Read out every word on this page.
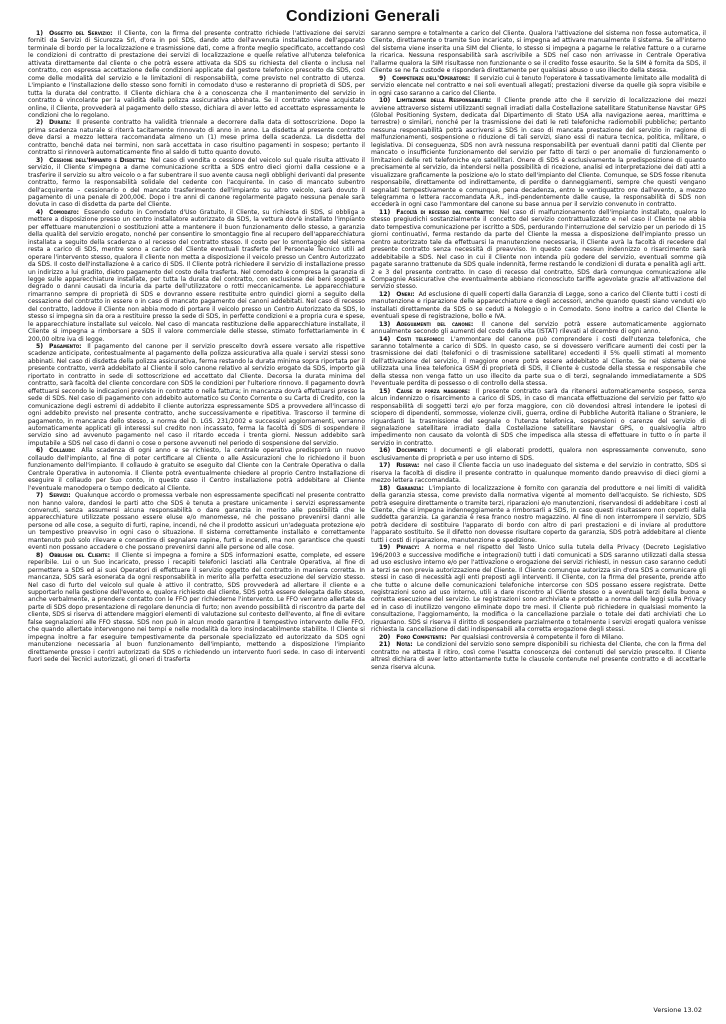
Condizioni Generali

1) Oggetto del Servizio: Il Cliente, con la firma del presente contratto richiede l'attivazione dei servizi forniti da Servizi di Sicurezza Srl, d'ora in poi SDS, dando atto dell'avvenuta installazione dell'apparato terminale di bordo per la localizzazione e trasmissione dati, come a fronte meglio specificato, accettando così le condizioni di contratto di prestazione dei servizi di localizzazione e quelle relative all'utenza telefonica attivata direttamente dal cliente o che potrà essere attivata da SDS su richiesta del cliente o inclusa nel contratto, con espressa accettazione delle condizioni applicate dal gestore telefonico prescelto da SDS, così come delle modalità del servizio e le limitazioni di responsabilità, come previsto nel contratto di utenza. L'impianto e l'installazione dello stesso sono forniti in comodato d'uso e resteranno di proprietà di SDS, per tutta la durata del contratto. Il Cliente dichiara che è a conoscenza che il mantenimento del servizio in contratto è vincolante per la validità della polizza assicurativa abbinata. Se il contratto viene acquistato online, il Cliente, provvederà al pagamento dello stesso, dichiara di aver letto ed accettato espressamente le condizioni che lo regolano.

2) Durata: Il presente contratto ha validità triennale a decorrere dalla data di sottoscrizione. Dopo la prima scadenza naturale si riterrà tacitamente rinnovato di anno in anno. La disdetta al presente contratto deve darsi a mezzo lettera raccomandata almeno un (1) mese prima della scadenza. La disdetta del contratto, benché data nei termini, non sarà accettata in caso risultino pagamenti in sospeso; pertanto il contratto si rinnoverà automaticamente fino al saldo di tutto quanto dovuto.

3) Cessione dell'Impianto e Disdetta: Nel caso di vendita o cessione del veicolo sul quale risulta attivato il servizio, il Cliente s'impegna a darne comunicazione scritta a SDS entro dieci giorni dalla cessione e a trasferire il servizio su altro veicolo o a far subentrare il suo avente causa negli obblighi derivanti dal presente contratto, fermo la responsabilità solidale del cedente con l'acquirente. In caso di mancato subentro dell'acquirente – cessionario o del mancato trasferimento dell'impianto su altro veicolo, sarà dovuto il pagamento di una penale di 200,00€. Dopo i tre anni di canone regolarmente pagato nessuna penale sarà dovuta in caso di disdetta da parte del Cliente.

4) Comodato: Essendo ceduto in Comodato d'Uso Gratuito, il Cliente, su richiesta di SDS, si obbliga a mettere a disposizione presso un centro installatore autorizzato da SDS, la vettura dov'è installato l'impianto per effettuare manutenzioni o sostituzioni atte a mantenere il buon funzionamento dello stesso, a garanzia della qualità del servizio erogato, nonché per consentire lo smontaggio fine al recupero dell'apparecchiatura installata a seguito della scadenza o al recesso del contratto stesso. Il costo per lo smontaggio del sistema resta a carico di SDS, mentre sono a carico del Cliente eventuali trasferte del Personale Tecnico utili ad operare l'intervento stesso, qualora il cliente non metta a disposizione il veicolo presso un Centro Autorizzato da SDS. Il costo dell'installazione è a carico di SDS. Il Cliente potrà richiedere il servizio di installazione presso un indirizzo a lui gradito, dietro pagamento del costo della trasferta. Nel comodato è compresa la garanzia di legge sulle apparecchiature installate, per tutta la durata del contratto, con esclusione dei beni soggetti a degrado o danni causati da incuria da parte dell'utilizzatore o rotti meccanicamente. Le apparecchiature rimarranno sempre di proprietà di SDS e dovranno essere restituite entro quindici giorni a seguito della cessazione del contratto in essere o in caso di mancato pagamento dei canoni addebitati. Nel caso di recesso del contratto, laddove il Cliente non abbia modo di portare il veicolo presso un Centro Autorizzato da SDS, lo stesso si impegna sin da ora a restituire presso la sede di SDS, in perfette condizioni e a propria cura e spese, le apparecchiature installate sul veicolo. Nel caso di mancata restituzione delle apparecchiature installate, il Cliente si impegna a rimborsare a SDS il valore commerciale delle stesse, stimato forfettariamente in € 200,00 oltre iva di legge.

5) Pagamento: Il pagamento del canone per il servizio prescelto dovrà essere versato alle rispettive scadenze anticipate, contestualmente al pagamento della polizza assicurativa alla quale i servizi stessi sono abbinati. Nel caso di disdetta della polizza assicurativa, ferma restando la durata minima sopra riportata per il presente contratto, verrà addebitato al Cliente il solo canone relativo al servizio erogato da SDS, importo già riportato in contratto in sede di sottoscrizione ed accettato dal Cliente. Decorsa la durata minima del contratto, sarà facoltà del cliente concordare con SDS le condizioni per l'ulteriore rinnovo. Il pagamento dovrà effettuarsi secondo le indicazioni previste in contratto o nella fattura; in mancanza dovrà effettuarsi presso la sede di SDS. Nel caso di pagamento con addebito automatico su Conto Corrente o su Carta di Credito, con la comunicazione degli estremi di addebito il cliente autorizza espressamente SDS a provvedere all'incasso di ogni addebito previsto nel presente contratto, anche successivamente e ripetitiva. Trascorso il termine di pagamento, in mancanza dello stesso, a norma del D. LGS. 231/2002 e successivi aggiornamenti, verranno automaticamente applicati gli interessi sul credito non incassato, ferma la facoltà di SDS di sospendere il servizio sino ad avvenuto pagamento nel caso il ritardo ecceda i trenta giorni. Nessun addebito sarà imputabile a SDS nel caso di danni o cose o persone avvenuti nel periodo di sospensione del servizio.

6) Collaudi: Alla scadenza di ogni anno e se richiesto, la centrale operativa predisporrà un nuovo collaudo dell'impianto, al fine di poter certificare al Cliente o alle Assicurazioni che lo richiedono il buon funzionamento dell'impianto. Il collaudo è gratuito se eseguito dal Cliente con la Centrale Operativa o dalla Centrale Operativa in autonomia. Il Cliente potrà eventualmente chiedere al proprio Centro Installazione di eseguire il collaudo per Suo conto, in questo caso il Centro installazione potrà addebitare al Cliente l'eventuale manodopera o tempo dedicato al Cliente.

7) Servizi: Qualunque accordo o promessa verbale non espressamente specificati nel presente contratto non hanno valore, dandosi le parti atto che SDS è tenuta a prestare unicamente i servizi espressamente convenuti, senza assumersi alcuna responsabilità o dare garanzia in merito alle possibilità che le apparecchiature utilizzate possano essere eluse e/o manomesse, né che possano prevenirsi danni alle persone od alle cose, a seguito di furti, rapine, incendi, né che il prodotto assicuri un'adeguata protezione e/o un tempestivo preavviso in ogni caso o situazione. Il sistema correttamente installato e correttamente mantenuto può solo rilevare e consentire di segnalare rapine, furti e incendi, ma non garantisce che questi eventi non possano accadere o che possano prevenirsi danni alle persone od alle cose.

8) Obblighi del Cliente: Il Cliente si impegna a fornire a SDS informazioni esatte, complete, ed essere reperibile. Lui o un Suo incaricato, presso i recapiti telefonici lasciati alla Centrale Operativa, al fine di permettere a SDS ed ai suoi Operatori di effettuare il servizio oggetto del contratto in maniera corretta. In mancanza, SDS sarà esonerata da ogni responsabilità in merito alla perfetta esecuzione del servizio stesso. Nel caso di furto del veicolo sul quale è attivo il contratto, SDS provvederà ad allertare il cliente e a supportarlo nella gestione dell'evento e, qualora richiesto dal cliente, SDS potrà essere delegata dallo stesso, anche verbalmente, a prendere contatto con le FFO per richiederne l'intervento. Le FFO verranno allertate da parte di SDS dopo presentazione di regolare denuncia di furto; non avendo possibilità di riscontro da parte del cliente, SDS si riserva di attendere maggiori elementi di valutazione sul contesto dell'evento, al fine di evitare false segnalazioni alle FFO stesse. SDS non può in alcun modo garantire il tempestivo intervento delle FFO, che quando allertate intervengono nei tempi e nelle modalità da loro insindacabilmente stabilite. Il Cliente si impegna inoltre a far eseguire tempestivamente da personale specializzato ed autorizzato da SDS ogni manutenzione necessaria al buon funzionamento dell'impianto, mettendo a disposizione l'impianto direttamente presso i centri autorizzati da SDS o richiedendo un intervento fuori sede. In caso di interventi fuori sede dei Tecnici autorizzati, gli oneri di trasferta

saranno sempre e totalmente a carico del Cliente. Qualora l'attivazione del sistema non fosse automatica, il Cliente, direttamente o tramite Suo incaricato, si impegna ad attivare manualmente il sistema. Se all'interno del sistema viene inserita una SIM del Cliente, lo stesso si impegna a pagarne le relative fatture o a curarne la ricarica. Nessuna responsabilità sarà ascrivibile a SDS nel caso non arrivasse in Centrale Operativa l'allarme qualora la SIM risultasse non funzionante o se il credito fosse esaurito. Se la SIM è fornita da SDS, il Cliente se ne fa custode e risponderà direttamente per qualsiasi abuso o uso illecito della stessa.

9) Competenze dell'Operatore: Il servizio cui è tenuto l'operatore è tassativamente limitato alle modalità di servizio elencate nel contratto e nei soli eventuali allegati; prestazioni diverse da quelle già sopra visibile e in ogni caso saranno a carico del Cliente.

10) Limitazione della Responsabilità: Il Cliente prende atto che il servizio di localizzazione dei mezzi avviene attraverso sistemi utilizzanti segnali irradiati dalla Costellazione satellitare Statunitense Navstar GPS (Global Positioning System, dedicata dal Dipartimento di Stato USA alla navigazione aerea, marittima e terrestre) o similari, nonché per la trasmissione dei dati le reti telefoniche radiomobili pubbliche; pertanto nessuna responsabilità potrà ascriversi a SDS in caso di mancata prestazione del servizio in ragione di malfunzionamenti, sospensione o riduzione di tali servizi, siano essi di natura tecnica, politica, militare, o legislativa. Di conseguenza, SDS non avrà nessuna responsabilità per eventuali danni patiti dal Cliente per mancato o insufficiente funzionamento del servizio per fatto di terzi o per anomalie di funzionamento o limitazioni delle reti telefoniche e/o satellitari. Onere di SDS è esclusivamente la predisposizione di quanto precisamente al servizio, da intendersi nella possibilità di ricezione, analisi ed interpretazione dei dati atti a visualizzare graficamente la posizione e/o lo stato dell'impianto del Cliente. Comunque, se SDS fosse ritenuta responsabile, direttamente od indirettamente, di perdite o danneggiamenti, sempre che questi vengano segnalati tempestivamente e comunque, pena decadenza, entro le ventiquattro ore dall'evento, a mezzo telegramma o lettera raccomandata A.R., indi-pendentemente dalle cause, la responsabilità di SDS non eccederà in ogni caso l'ammontare del canone su base annua per il servizio convenuto in contratto.

11) Facoltà di recesso dal contratto: Nel caso di malfunzionamento dell'impianto installato, qualora lo stesso pregiudichi sostanzialmente il concetto del servizio contrattualizzato e nel caso il Cliente ne abbia dato tempestiva comunicazione per iscritto a SDS, perdurando l'interruzione del servizio per un periodo di 15 giorni continuativi, ferma restando da parte del Cliente la messa a disposizione dell'impianto presso un centro autorizzato tale da effettuarsi la manutenzione necessaria, il Cliente avrà la facoltà di recedere dal presente contratto senza necessità di preavviso. In questo caso nessun indennizzo o risarcimento sarà addebitabile a SDS. Nel caso in cui il Cliente non intenda più godere del servizio, eventuali somme già pagate saranno trattenute da SDS quale indennità, ferme restando le condizioni di durata e penalità agli artt. 2 e 3 del presente contratto. In caso di recesso dal contratto, SDS darà comunque comunicazione alle Compagnie Assicurative che eventualmente abbiano riconosciuto tariffe agevolate grazie all'attivazione del servizio stesso.

12) Oneri: Ad esclusione di quelli coperti dalla Garanzia di Legge, sono a carico del Cliente tutti i costi di manutenzione e riparazione delle apparecchiature e degli accessori, anche quando questi siano venduti e/o installati direttamente da SDS o se ceduti a Noleggio o in Comodato. Sono inoltre a carico del Cliente le eventuali spese di registrazione, bollo e IVA.

13) Adeguamenti del canone: Il canone del servizio potrà essere automaticamente aggiornato annualmente secondo gli aumenti del costo della vita (ISTAT) rilevati al dicembre di ogni anno.

14) Costi telefonici: L'ammontare del canone può comprendere i costi dell'utenza telefonica, che saranno totalmente a carico di SDS. In questo caso, se si dovessero verificare aumenti dei costi per la trasmissione dei dati (telefonici o di trasmissione satellitare) eccedenti il 5% quelli stimati al momento dell'attivazione del servizio, il maggiore onere potrà essere addebitato al Cliente. Se nel sistema viene utilizzata una linea telefonica GSM di proprietà di SDS, il Cliente è custode della stessa e responsabile che della stessa non venga fatto un uso illecito da parte sua o di terzi, segnalando immediatamente a SDS l'eventuale perdita di possesso o di controllo della stessa.

15) Cause di forza maggiore: Il presente contratto sarà da ritenersi automaticamente sospeso, senza alcun indennizzo o risarcimento a carico di SDS, in caso di mancata effettuazione del servizio per fatto e/o responsabilità di soggetti terzi e/o per forza maggiore, con ciò dovendosi altresì intendere le ipotesi di sciopero di dipendenti, sommosse, violenze civili, guerra, ordine di Pubbliche Autorità Italiane o Straniere, le riguardanti la trasmissione del segnale o l'utenza telefonica, sospensioni o carenze del servizio di segnalazione satellitare irradiato dalla Costellazione satellitare Navstar GPS, o qualsivoglia altro impedimento non causato da volontà di SDS che impedisca alla stessa di effettuare in tutto o in parte il servizio in contratto.

16) Documenti: I documenti e gli elaborati prodotti, qualora non espressamente convenuto, sono esclusivamente di proprietà e per uso interno di SDS.

17) Riserva: nel caso il Cliente faccia un uso inadeguato del sistema e del servizio in contratto, SDS si riserva la facoltà di disdire il presente contratto in qualunque momento dando preavviso di dieci giorni a mezzo lettera raccomandata.

18) Garanzia: L'impianto di localizzazione è fornito con garanzia del produttore e nei limiti di validità della garanzia stessa, come previsto dalla normativa vigente al momento dell'acquisto. Se richiesto, SDS potrà eseguire direttamente o tramite terzi, riparazioni e/o manutenzioni, riservandosi di addebitare i costi al Cliente, che si impegna indenneggiamente a rimborsarli a SDS, in caso questi risultassero non coperti dalla suddetta garanzia. La garanzia è resa franco nostro magazzino. Al fine di non interrompere il servizio, SDS potrà decidere di sostituire l'apparato di bordo con altro di pari prestazioni e di inviare al produttore l'apparato sostituito. Se il difetto non dovesse risultare coperto da garanzia, SDS potrà addebitare al cliente tutti i costi di riparazione, manutenzione e spedizione.

19) Privacy: A norma e nel rispetto del Testo Unico sulla tutela della Privacy (Decreto Legislativo 196/2003 e successive modifiche e integrazioni) tutti i dati comunicati a SDS saranno utilizzati dalla stessa ad uso esclusivo interno e/o per l'attivazione o erogazione dei servizi richiesti, in nessun caso saranno ceduti a terzi se non previa autorizzazione del Cliente. Il Cliente comunque autorizza sin d'ora SDS a comunicare gli stessi in caso di necessità agli enti preposti agli interventi. Il Cliente, con la firma del presente, prende atto che tutte o alcune delle comunicazioni telefoniche intercorse con SDS possano essere registrate. Dette registrazioni sono ad uso interno, utili a dare riscontro al Cliente stesso o a eventuali terzi della buona e corretta esecuzione del servizio. Le registrazioni sono archiviate e protette a norma delle leggi sulla Privacy ed in caso di inutilizzo vengono eliminate dopo tre mesi. Il Cliente può richiedere in qualsiasi momento la consultazione, l'aggiornamento, la modifica o la cancellazione parziale o totale dei dati archiviati che Lo riguardano. SDS si riserva il diritto di sospendere parzialmente o totalmente i servizi erogati qualora venisse richiesta la cancellazione di dati indispensabili alla corretta erogazione degli stessi.

20) Foro Competente: Per qualsiasi controversia è competente il foro di Milano.

21) Nota: Le condizioni del servizio sono sempre disponibili su richiesta del Cliente, che con la firma del contratto ne attesta il ritiro, così come l'esatta conoscenza dei contenuti del servizio prescelto. Il Cliente altresì dichiara di aver letto attentamente tutte le clausole contenute nel presente contratto e di accettarle senza riserva alcuna.

Versione 13.02
